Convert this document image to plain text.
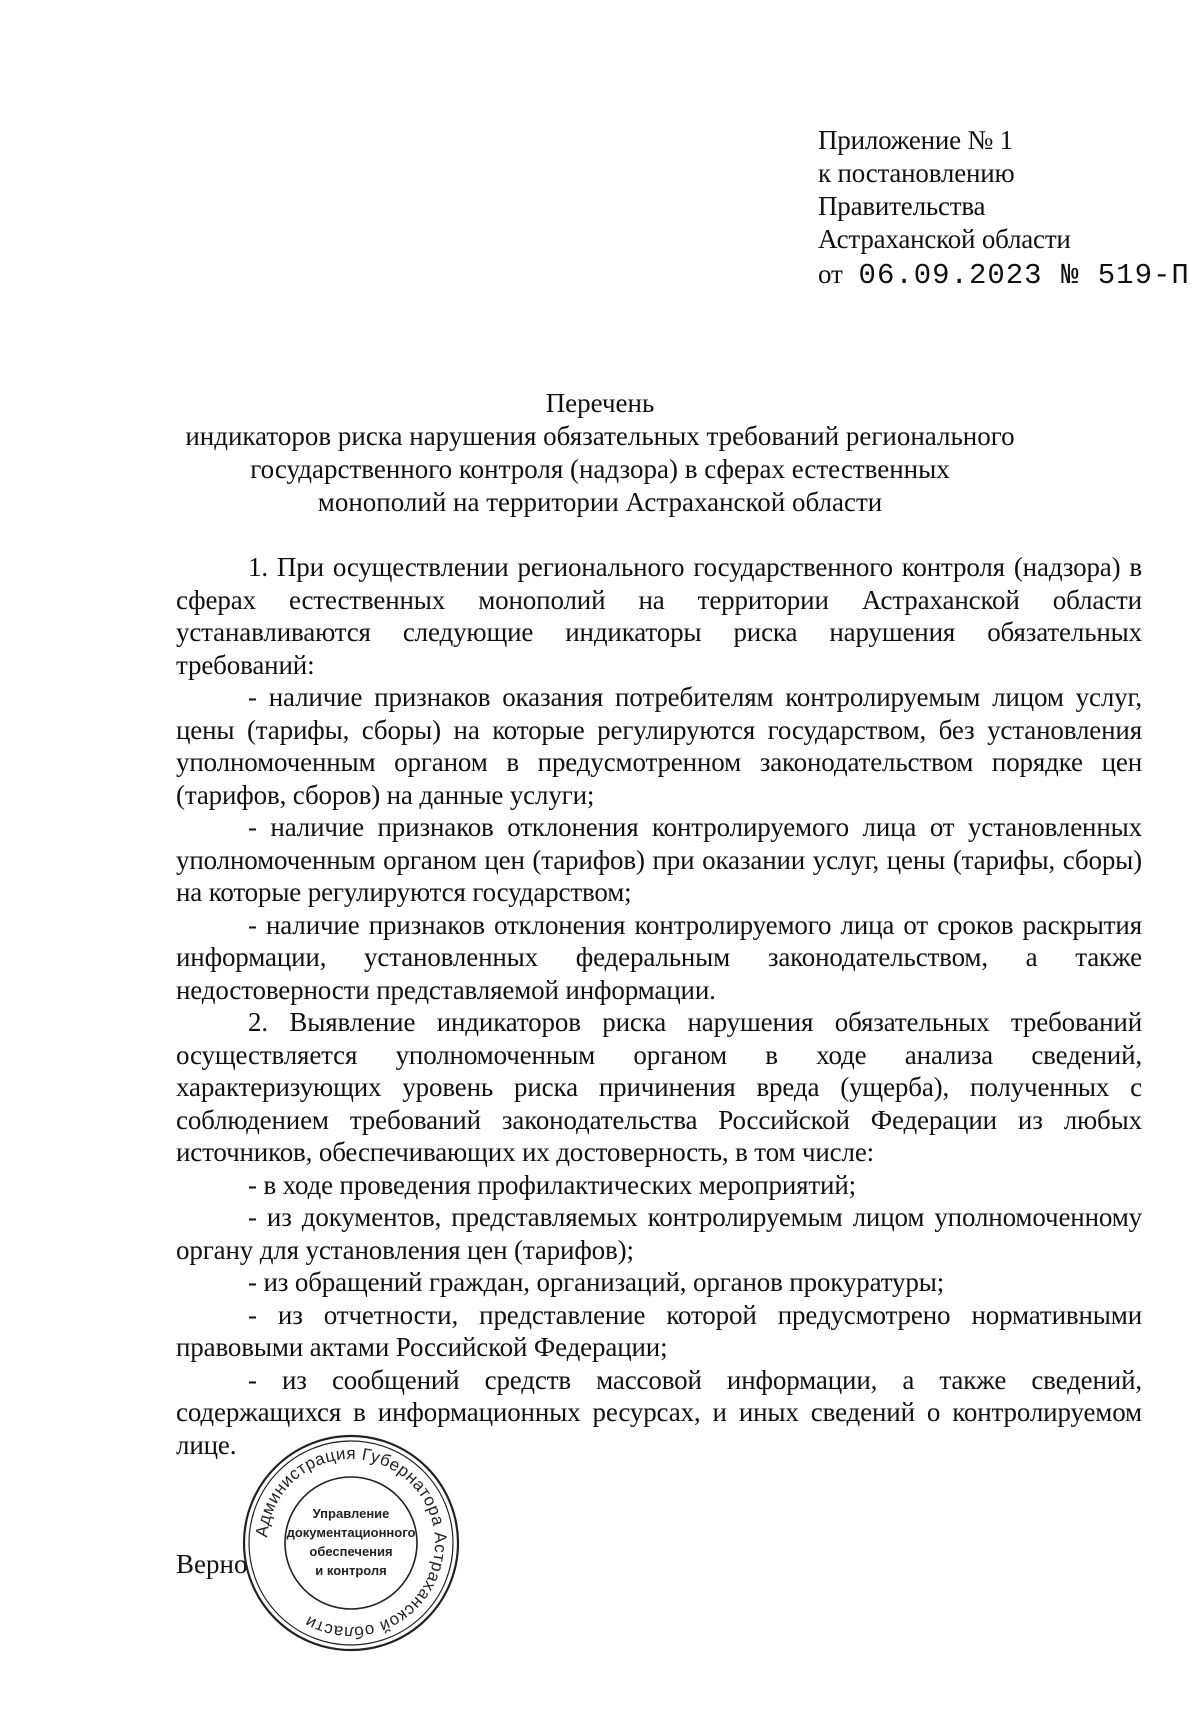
Приложение № 1
к постановлению
Правительства
Астраханской области
от 06.09.2023 № 519-П
Перечень
индикаторов риска нарушения обязательных требований регионального
государственного контроля (надзора) в сферах естественных
монополий на территории Астраханской области

1. При осуществлении регионального государственного контроля (надзора) в сферах естественных монополий на территории Астраханской области устанавливаются следующие индикаторы риска нарушения обязательных требований:

- наличие признаков оказания потребителям контролируемым лицом услуг, цены (тарифы, сборы) на которые регулируются государством, без установления уполномоченным органом в предусмотренном законодательством порядке цен (тарифов, сборов) на данные услуги;

- наличие признаков отклонения контролируемого лица от установленных уполномоченным органом цен (тарифов) при оказании услуг, цены (тарифы, сборы) на которые регулируются государством;

- наличие признаков отклонения контролируемого лица от сроков раскрытия информации, установленных федеральным законодательством, а также недостоверности представляемой информации.

2. Выявление индикаторов риска нарушения обязательных требований осуществляется уполномоченным органом в ходе анализа сведений, характеризующих уровень риска причинения вреда (ущерба), полученных с соблюдением требований законодательства Российской Федерации из любых источников, обеспечивающих их достоверность, в том числе:

- в ходе проведения профилактических мероприятий;

- из документов, представляемых контролируемым лицом уполномоченному органу для установления цен (тарифов);

- из обращений граждан, организаций, органов прокуратуры;

- из отчетности, представление которой предусмотрено нормативными правовыми актами Российской Федерации;

- из сообщений средств массовой информации, а также сведений, содержащихся в информационных ресурсах, и иных сведений о контролируемом лице.

Верно
Администрация Губернатора Астраханской области
Управление
документационного
обеспечения
и контроля
